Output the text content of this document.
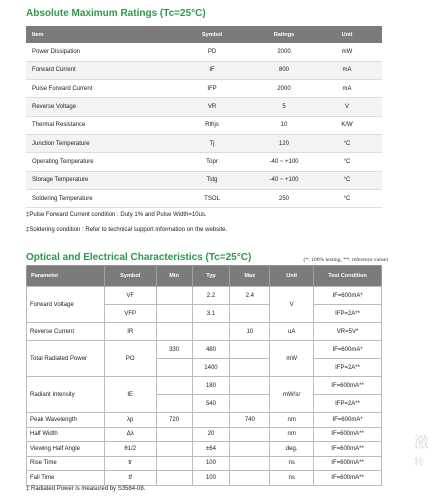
Absolute Maximum Ratings (Tc=25°C)
Item	Symbol	Ratings	Unit
Power Dissipation	PD	2000	mW
Forward Current	IF	800	mA
Pulse Forward Current	IFP	2000	mA
Reverse Voltage	VR	5	V
Thermal Resistance	Rthjs	10	K/W
Junction Temperature	Tj	120	°C
Operating Temperature	Topr	-40 ~ +100	°C
Storage Temperature	Tstg	-40 ~ +100	°C
Soldering Temperature	TSOL	250	°C
‡Pulse Forward Current condition : Duty 1% and Pulse Width=10us.
‡Soldering condition : Refer to technical support information on the website.
Optical and Electrical Characteristics (Tc=25°C)	(*: 100% testing, **: reference value)
Parameter	Symbol	Min	Typ	Max	Unit	Test Condition
Forward Voltage	VF		2.2	2.4	V	IF=600mA*
	VFP		3.1			IFP=2A**
Reverse Current	IR			10	uA	VR=5V*
Total Radiated Power	PO	330	480		mW	IF=600mA*
			1400			IFP=2A**
Radiant Intensity	IE		180		mW/sr	IF=600mA**
			540			IFP=2A**
Peak Wavelength	λp	720		740	nm	IF=600mA*
Half Width	Δλ		20		nm	IF=600mA**
Viewing Half Angle	θ1/2		±64		deg.	IF=600mA**
Rise Time	tr		100		ns	IF=600mA**
Fall Time	tf		100		ns	IF=600mA**
‡ Radiated Power is measured by S3584-08.
激
转
